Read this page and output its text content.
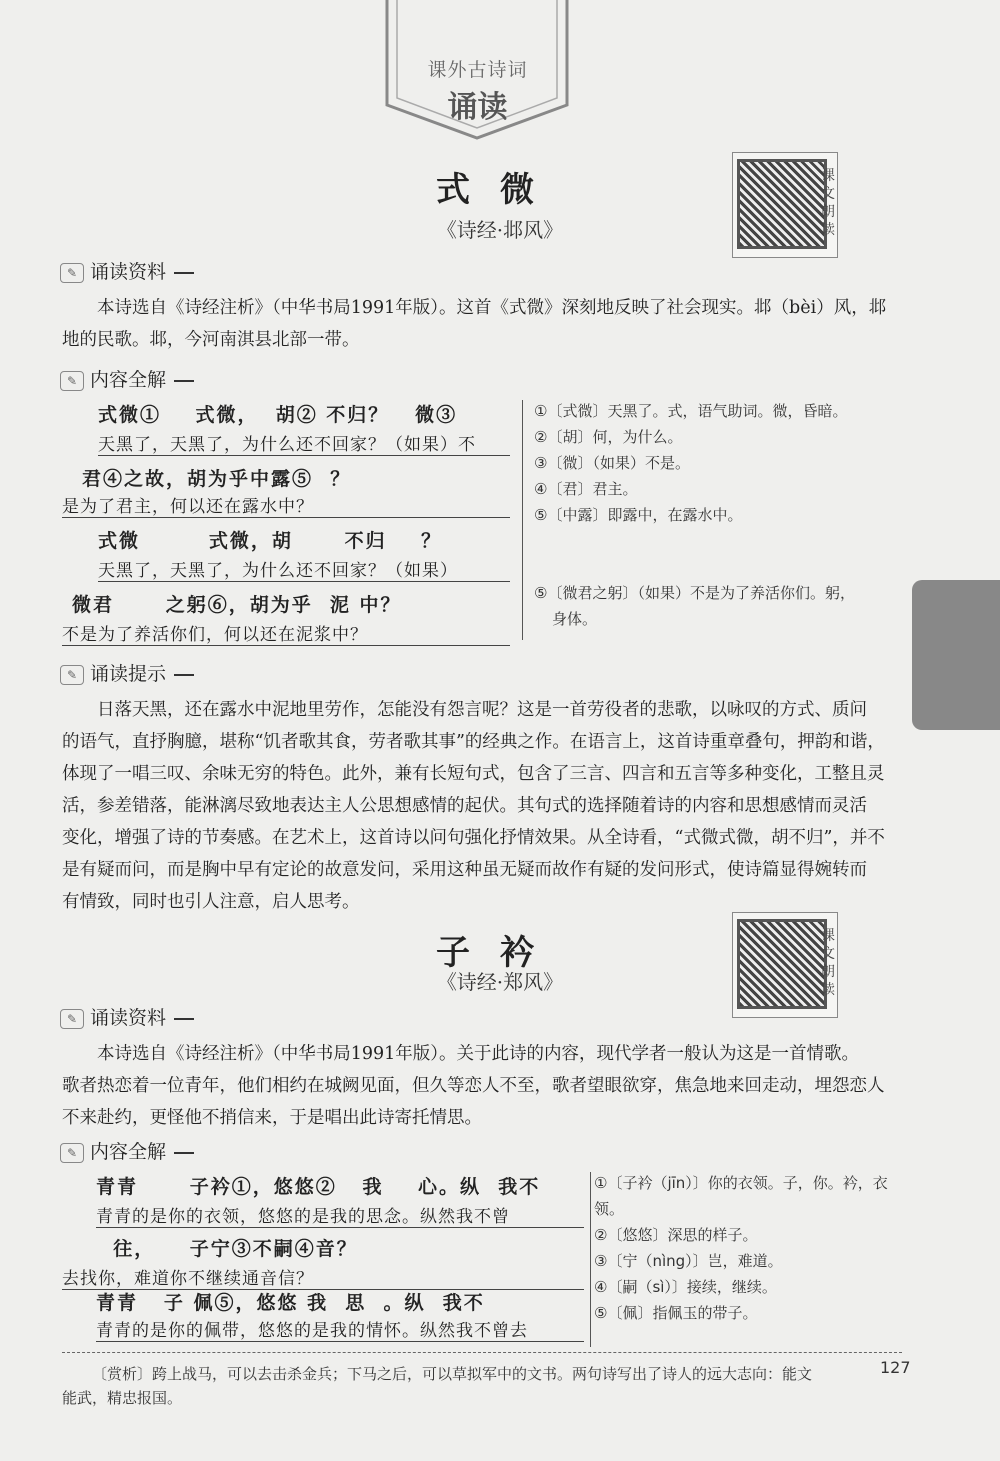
课外古诗词
诵读
式微
《诗经·邶风》
课文朗读
✎ 诵读资料
本诗选自《诗经注析》（中华书局1991年版）。这首《式微》深刻地反映了社会现实。邶（bèi）风，邶
地的民歌。邶，今河南淇县北部一带。
✎ 内容全解
式微①    式微，  胡② 不归？   微③
天黑了，天黑了，为什么还不回家？（如果）不
君④之故，胡为乎中露⑤  ？
是为了君主，何以还在露水中？
式微        式微，胡      不归    ？
天黑了，天黑了，为什么还不回家？（如果）
微君      之躬⑥，胡为乎  泥 中？
不是为了养活你们，何以还在泥浆中？
①〔式微〕天黑了。式，语气助词。微，昏暗。
②〔胡〕何，为什么。
③〔微〕（如果）不是。
④〔君〕君主。
⑤〔中露〕即露中，在露水中。
⑤〔微君之躬〕（如果）不是为了养活你们。躬，
身体。
✎ 诵读提示
日落天黑，还在露水中泥地里劳作，怎能没有怨言呢？这是一首劳役者的悲歌，以咏叹的方式、质问
的语气，直抒胸臆，堪称“饥者歌其食，劳者歌其事”的经典之作。在语言上，这首诗重章叠句，押韵和谐，
体现了一唱三叹、余味无穷的特色。此外，兼有长短句式，包含了三言、四言和五言等多种变化，工整且灵
活，参差错落，能淋漓尽致地表达主人公思想感情的起伏。其句式的选择随着诗的内容和思想感情而灵活
变化，增强了诗的节奏感。在艺术上，这首诗以问句强化抒情效果。从全诗看，“式微式微，胡不归”，并不
是有疑而问，而是胸中早有定论的故意发问，采用这种虽无疑而故作有疑的发问形式，使诗篇显得婉转而
有情致，同时也引人注意，启人思考。
子衿
《诗经·郑风》
课文朗读
✎ 诵读资料
本诗选自《诗经注析》（中华书局1991年版）。关于此诗的内容，现代学者一般认为这是一首情歌。
歌者热恋着一位青年，他们相约在城阙见面，但久等恋人不至，歌者望眼欲穿，焦急地来回走动，埋怨恋人
不来赴约，更怪他不捎信来，于是唱出此诗寄托情思。
✎ 内容全解
青青      子衿①，悠悠②   我    心。纵  我不
青青的是你的衣领，悠悠的是我的思念。纵然我不曾
往，    子宁③不嗣④音？
去找你，难道你不继续通音信？
青青   子 佩⑤，悠悠 我  思  。纵  我不
青青的是你的佩带，悠悠的是我的情怀。纵然我不曾去
①〔子衿（jīn）〕你的衣领。子，你。衿，衣领。
②〔悠悠〕深思的样子。
③〔宁（nìng）〕岂，难道。
④〔嗣（sì）〕接续，继续。
⑤〔佩〕指佩玉的带子。
〔赏析〕跨上战马，可以去击杀金兵；下马之后，可以草拟军中的文书。两句诗写出了诗人的远大志向：能文
能武，精忠报国。
127
